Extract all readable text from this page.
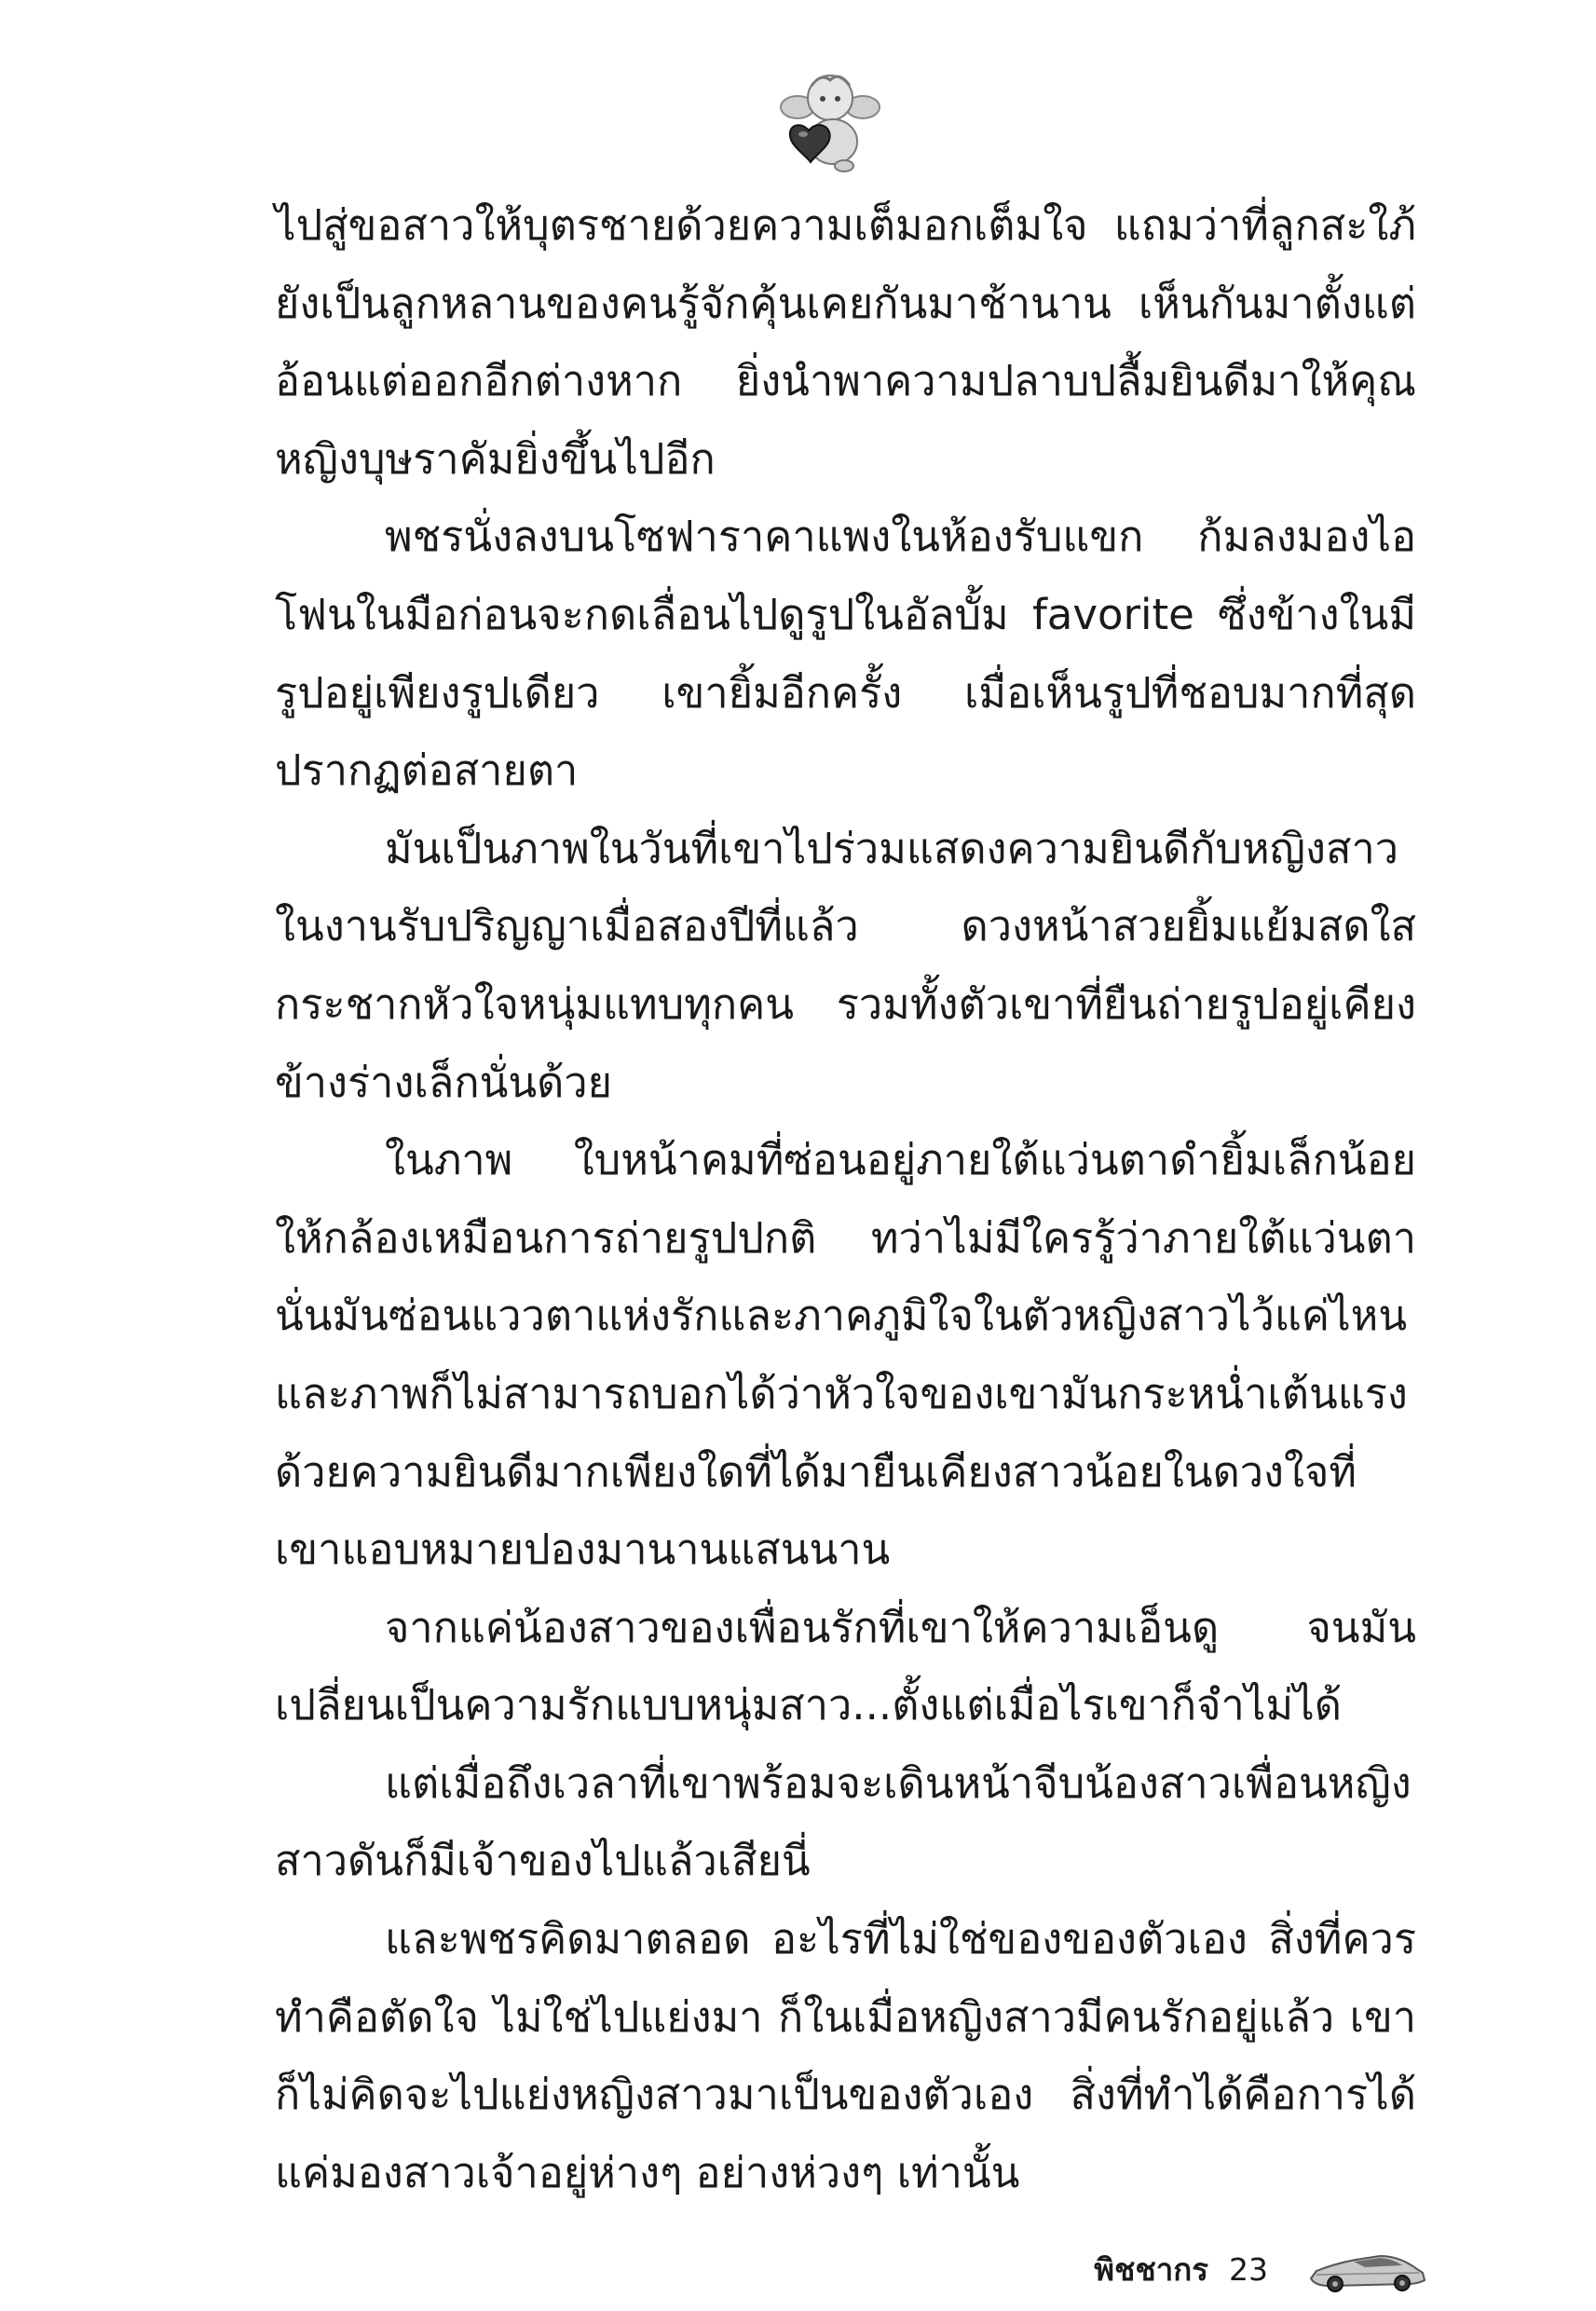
ไปสู่ขอสาวให้บุตรชายด้วยความเต็มอกเต็มใจ แถมว่าที่ลูกสะใภ้ยังเป็นลูกหลานของคนรู้จักคุ้นเคยกันมาช้านาน เห็นกันมาตั้งแต่อ้อนแต่ออกอีกต่างหาก ยิ่งนำพาความปลาบปลื้มยินดีมาให้คุณหญิงบุษราคัมยิ่งขึ้นไปอีก

พชรนั่งลงบนโซฟาราคาแพงในห้องรับแขก ก้มลงมองไอโฟนในมือก่อนจะกดเลื่อนไปดูรูปในอัลบั้ม favorite ซึ่งข้างในมีรูปอยู่เพียงรูปเดียว เขายิ้มอีกครั้ง เมื่อเห็นรูปที่ชอบมากที่สุดปรากฏต่อสายตา

มันเป็นภาพในวันที่เขาไปร่วมแสดงความยินดีกับหญิงสาวในงานรับปริญญาเมื่อสองปีที่แล้ว ดวงหน้าสวยยิ้มแย้มสดใสกระชากหัวใจหนุ่มแทบทุกคน รวมทั้งตัวเขาที่ยืนถ่ายรูปอยู่เคียงข้างร่างเล็กนั่นด้วย

ในภาพ ใบหน้าคมที่ซ่อนอยู่ภายใต้แว่นตาดำยิ้มเล็กน้อยให้กล้องเหมือนการถ่ายรูปปกติ ทว่าไม่มีใครรู้ว่าภายใต้แว่นตานั่นมันซ่อนแววตาแห่งรักและภาคภูมิใจในตัวหญิงสาวไว้แค่ไหน และภาพก็ไม่สามารถบอกได้ว่าหัวใจของเขามันกระหน่ำเต้นแรงด้วยความยินดีมากเพียงใดที่ได้มายืนเคียงสาวน้อยในดวงใจที่เขาแอบหมายปองมานานแสนนาน

จากแค่น้องสาวของเพื่อนรักที่เขาให้ความเอ็นดู จนมันเปลี่ยนเป็นความรักแบบหนุ่มสาว...ตั้งแต่เมื่อไรเขาก็จำไม่ได้

แต่เมื่อถึงเวลาที่เขาพร้อมจะเดินหน้าจีบน้องสาวเพื่อนหญิงสาวดันก็มีเจ้าของไปแล้วเสียนี่

และพชรคิดมาตลอด อะไรที่ไม่ใช่ของของตัวเอง สิ่งที่ควรทำคือตัดใจ ไม่ใช่ไปแย่งมา ก็ในเมื่อหญิงสาวมีคนรักอยู่แล้ว เขาก็ไม่คิดจะไปแย่งหญิงสาวมาเป็นของตัวเอง สิ่งที่ทำได้คือการได้แค่มองสาวเจ้าอยู่ห่างๆ อย่างห่วงๆ เท่านั้น

พิชชากร 23
